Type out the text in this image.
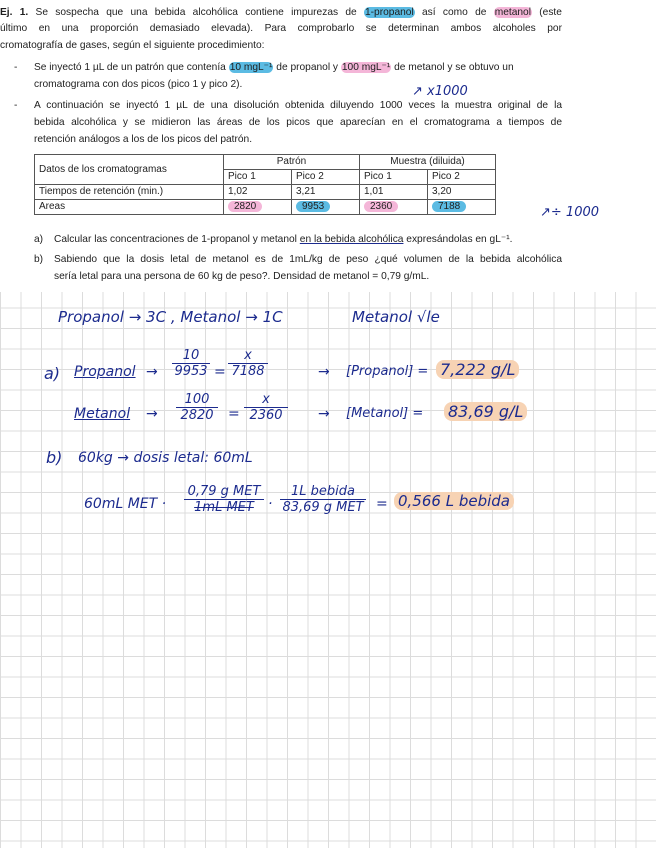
Ej. 1. Se sospecha que una bebida alcohólica contiene impurezas de 1-propanol así como de metanol (este
último en una proporción demasiado elevada). Para comprobarlo se determinan ambos alcoholes por
cromatografía de gases, según el siguiente procedimiento:
- Se inyectó 1 µL de un patrón que contenía 10 mgL⁻¹ de propanol y 100 mgL⁻¹ de metanol y se obtuvo un
cromatograma con dos picos (pico 1 y pico 2).
- A continuación se inyectó 1 µL de una disolución obtenida diluyendo 1000 veces la muestra original de la
bebida alcohólica y se midieron las áreas de los picos que aparecían en el cromatograma a tiempos de
retención análogos a los de los picos del patrón.
Datos de los cromatogramas	Patrón		Muestra (diluida)	
	Pico 1	Pico 2	Pico 1	Pico 2
Tiempos de retención (min.)	1,02	3,21	1,01	3,20
Areas	2820	9953	2360	7188
a) Calcular las concentraciones de 1-propanol y metanol en la bebida alcohólica expresándolas en gL⁻¹.
b) Sabiendo que la dosis letal de metanol es de 1mL/kg de peso ¿qué volumen de la bebida alcohólica
sería letal para una persona de 60 kg de peso?. Densidad de metanol = 0,79 g/mL.
↗ x1000
↗÷ 1000
Propanol → 3C , Metanol → 1C	Metanol √le
a) Propanol → $\frac{10}{9953} = \frac{x}{7188}$	→ [Propanol] = 7,222 g/L
Metanol → $\frac{100}{2820} = \frac{x}{2360}$ → [Metanol] = 83,69 g/L
b) 60kg → dosis letal: 60mL
60mL MET ·
0,79 g MET
1mL MET	·
1L bebida
83,69 g MET = 0,566 L bebida
